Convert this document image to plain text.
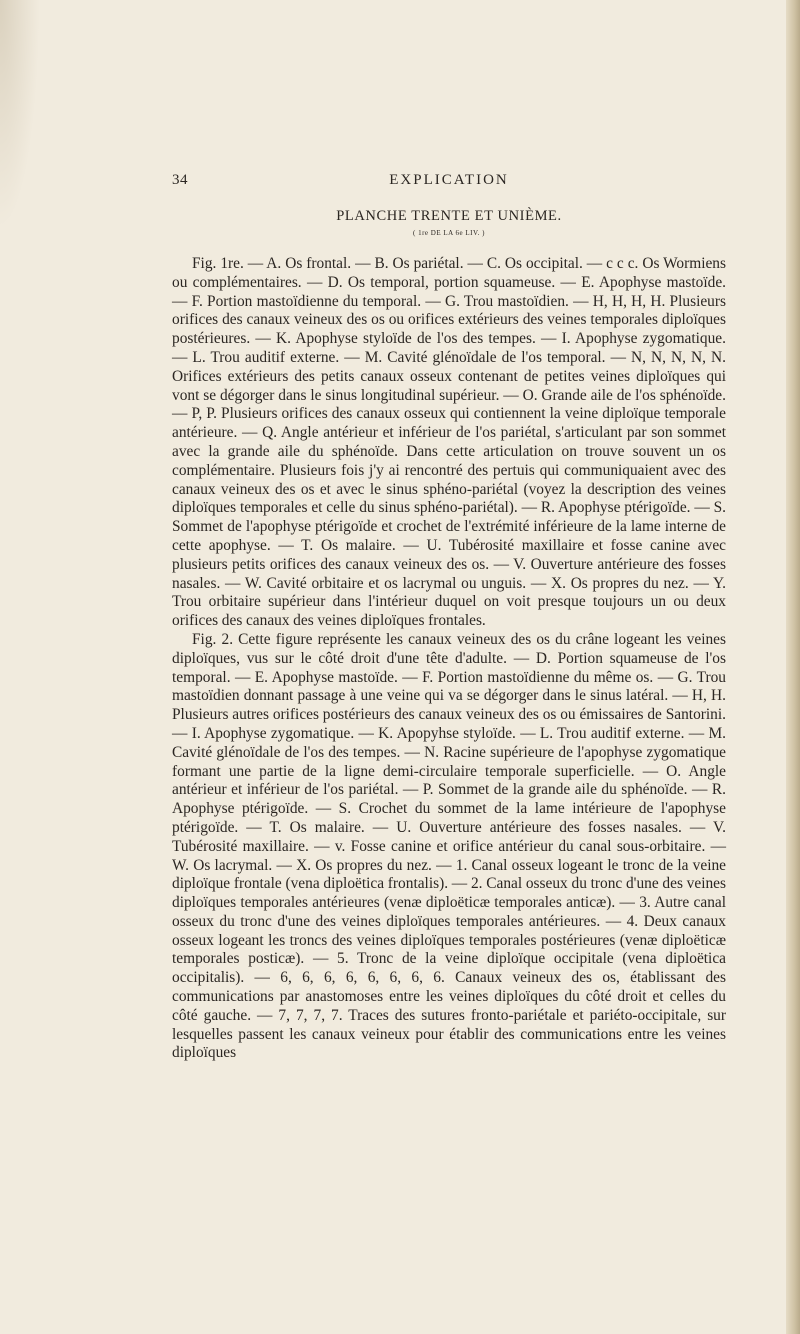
34	EXPLICATION
PLANCHE TRENTE ET UNIÈME.
( 1re DE LA 6e LIV. )

Fig. 1re. — A. Os frontal. — B. Os pariétal. — C. Os occipital. — c c c. Os Wormiens ou complémentaires. — D. Os temporal, portion squameuse. — E. Apophyse mastoïde. — F. Portion mastoïdienne du temporal. — G. Trou mastoïdien. — H, H, H, H. Plusieurs orifices des canaux veineux des os ou orifices extérieurs des veines temporales diploïques postérieures. — K. Apophyse styloïde de l'os des tempes. — I. Apophyse zygomatique. — L. Trou auditif externe. — M. Cavité glénoïdale de l'os temporal. — N, N, N, N, N. Orifices extérieurs des petits canaux osseux contenant de petites veines diploïques qui vont se dégorger dans le sinus longitudinal supérieur. — O. Grande aile de l'os sphénoïde. — P, P. Plusieurs orifices des canaux osseux qui contiennent la veine diploïque temporale antérieure. — Q. Angle antérieur et inférieur de l'os pariétal, s'articulant par son sommet avec la grande aile du sphénoïde. Dans cette articulation on trouve souvent un os complémentaire. Plusieurs fois j'y ai rencontré des pertuis qui communiquaient avec des canaux veineux des os et avec le sinus sphéno-pariétal (voyez la description des veines diploïques temporales et celle du sinus sphéno-pariétal). — R. Apophyse ptérigoïde. — S. Sommet de l'apophyse ptérigoïde et crochet de l'extrémité inférieure de la lame interne de cette apophyse. — T. Os malaire. — U. Tubérosité maxillaire et fosse canine avec plusieurs petits orifices des canaux veineux des os. — V. Ouverture antérieure des fosses nasales. — W. Cavité orbitaire et os lacrymal ou unguis. — X. Os propres du nez. — Y. Trou orbitaire supérieur dans l'intérieur duquel on voit presque toujours un ou deux orifices des canaux des veines diploïques frontales.

Fig. 2. Cette figure représente les canaux veineux des os du crâne logeant les veines diploïques, vus sur le côté droit d'une tête d'adulte. — D. Portion squameuse de l'os temporal. — E. Apophyse mastoïde. — F. Portion mastoïdienne du même os. — G. Trou mastoïdien donnant passage à une veine qui va se dégorger dans le sinus latéral. — H, H. Plusieurs autres orifices postérieurs des canaux veineux des os ou émissaires de Santorini. — I. Apophyse zygomatique. — K. Apopyhse styloïde. — L. Trou auditif externe. — M. Cavité glénoïdale de l'os des tempes. — N. Racine supérieure de l'apophyse zygomatique formant une partie de la ligne demi-circulaire temporale superficielle. — O. Angle antérieur et inférieur de l'os pariétal. — P. Sommet de la grande aile du sphénoïde. — R. Apophyse ptérigoïde. — S. Crochet du sommet de la lame intérieure de l'apophyse ptérigoïde. — T. Os malaire. — U. Ouverture antérieure des fosses nasales. — V. Tubérosité maxillaire. — v. Fosse canine et orifice antérieur du canal sous-orbitaire. — W. Os lacrymal. — X. Os propres du nez. — 1. Canal osseux logeant le tronc de la veine diploïque frontale (vena diploëtica frontalis). — 2. Canal osseux du tronc d'une des veines diploïques temporales antérieures (venæ diploëticæ temporales anticæ). — 3. Autre canal osseux du tronc d'une des veines diploïques temporales antérieures. — 4. Deux canaux osseux logeant les troncs des veines diploïques temporales postérieures (venæ diploëticæ temporales posticæ). — 5. Tronc de la veine diploïque occipitale (vena diploëtica occipitalis). — 6, 6, 6, 6, 6, 6, 6, 6. Canaux veineux des os, établissant des communications par anastomoses entre les veines diploïques du côté droit et celles du côté gauche. — 7, 7, 7, 7. Traces des sutures fronto-pariétale et pariéto-occipitale, sur lesquelles passent les canaux veineux pour établir des communications entre les veines diploïques
